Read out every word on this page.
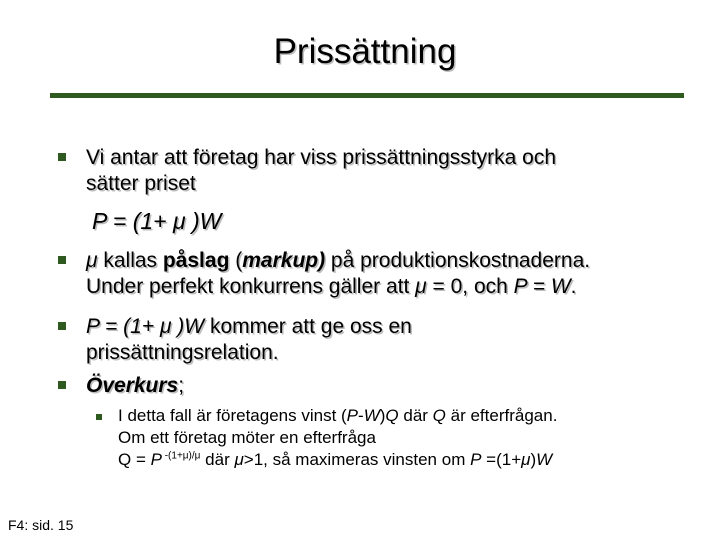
Prissättning
Vi antar att företag har viss prissättningsstyrka och
sätter priset
P = (1+ μ )W
μ kallas påslag (markup) på produktionskostnaderna.
Under perfekt konkurrens gäller att μ = 0, och P = W.
P = (1+ μ )W kommer att ge oss en
prissättningsrelation.
Överkurs;
I detta fall är företagens vinst (P-W)Q där Q är efterfrågan.
Om ett företag möter en efterfråga
Q = P $^{-(1+\mu)/\mu}$ där μ>1, så maximeras vinsten om P =(1+μ)W
F4: sid. 15
